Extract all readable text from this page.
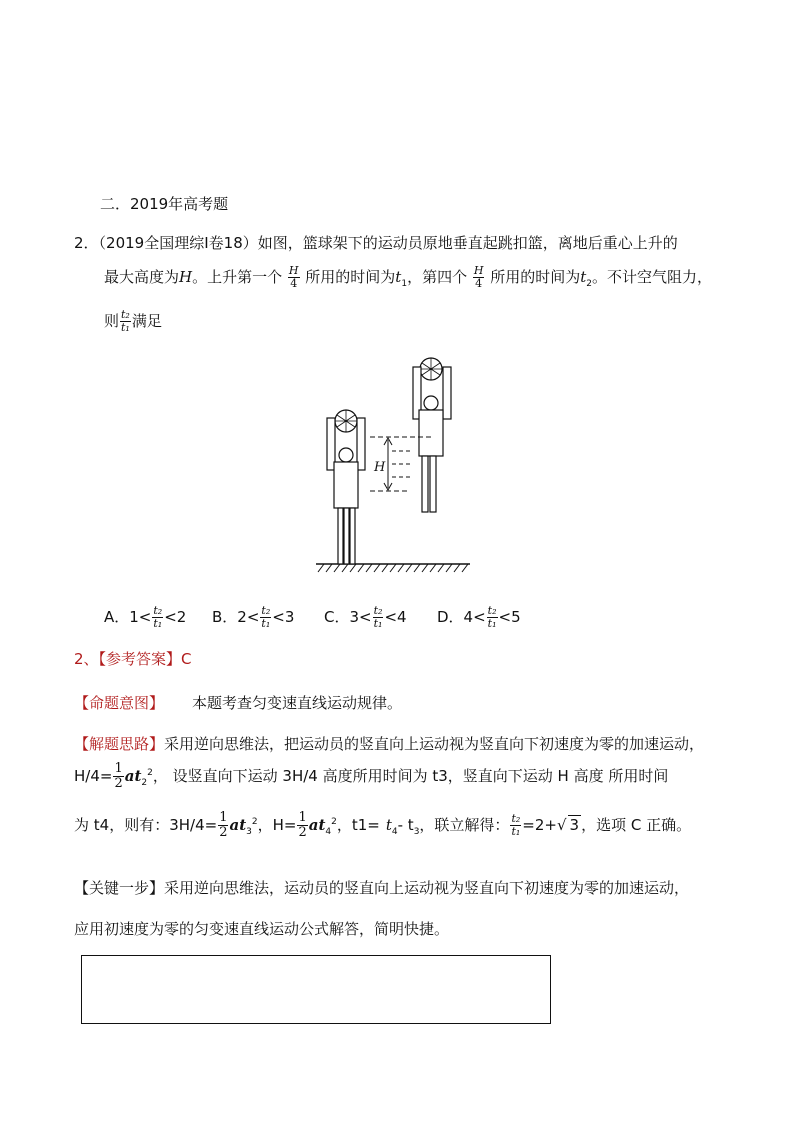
二．2019年高考题
2．（2019全国理综Ⅰ卷18）如图，篮球架下的运动员原地垂直起跳扣篮，离地后重心上升的
最大高度为H。上升第一个 $\frac{H}{4}$ 所用的时间为$t_1$，第四个 $\frac{H}{4}$ 所用的时间为$t_2$。不计空气阻力，
则 $\frac{\text{t₂}}{\text{t₁}}$ 满足
H
A．$1< \frac{\text{t₂}}{\text{t₁}} <2$ B．$2< \frac{\text{t₂}}{\text{t₁}} <3$ C．$3< \frac{\text{t₂}}{\text{t₁}} <4$ D．$4< \frac{\text{t₂}}{\text{t₁}} <5$
2、【参考答案】C
【命题意图】 本题考查匀变速直线运动规律。
【解题思路】采用逆向思维法，把运动员的竖直向上运动视为竖直向下初速度为零的加速运动，
$H/4= \frac{1}{2} at_2^2$， 设竖直向下运动 3H/4 高度所用时间为 t3，竖直向下运动 H 高度 所用时间
为 t4，则有：$3H/4= \frac{1}{2} at_3^2$，$H= \frac{1}{2} at_4^2$，$t1= t_4-$ $t_3$，联立解得： $\frac{\text{t₂}}{\text{t₁}} =2+√$ 3 ，选项 C 正确。
【关键一步】采用逆向思维法，运动员的竖直向上运动视为竖直向下初速度为零的加速运动，
应用初速度为零的匀变速直线运动公式解答，简明快捷。
